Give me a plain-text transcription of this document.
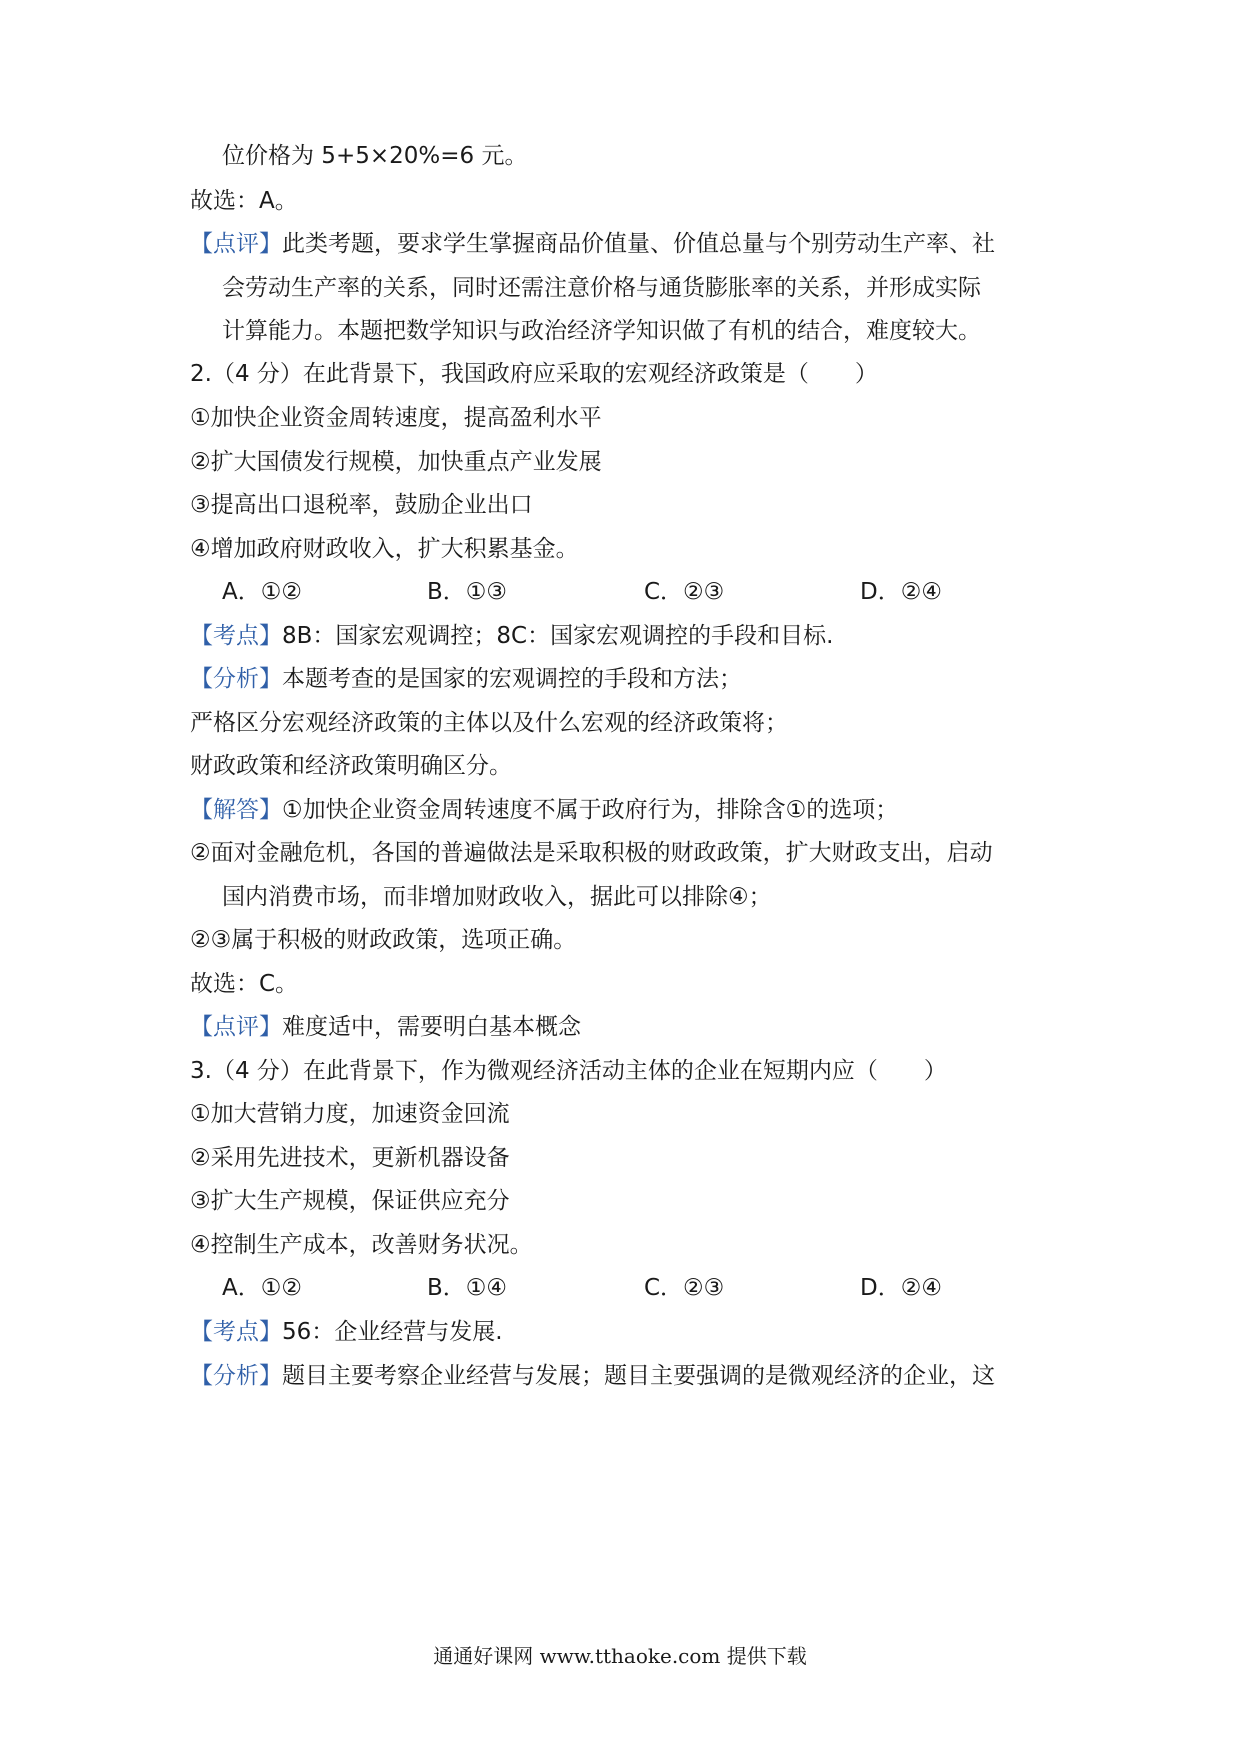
位价格为 5+5×20%=6 元。
故选：A。
【点评】此类考题，要求学生掌握商品价值量、价值总量与个别劳动生产率、社
会劳动生产率的关系，同时还需注意价格与通货膨胀率的关系，并形成实际
计算能力。本题把数学知识与政治经济学知识做了有机的结合，难度较大。
2.（4 分）在此背景下，我国政府应采取的宏观经济政策是（　　）
①加快企业资金周转速度，提高盈利水平
②扩大国债发行规模，加快重点产业发展
③提高出口退税率，鼓励企业出口
④增加政府财政收入，扩大积累基金。
A．①②	B．①③	C．②③	D．②④
【考点】8B：国家宏观调控；8C：国家宏观调控的手段和目标.
【分析】本题考查的是国家的宏观调控的手段和方法；
严格区分宏观经济政策的主体以及什么宏观的经济政策将；
财政政策和经济政策明确区分。
【解答】①加快企业资金周转速度不属于政府行为，排除含①的选项；
②面对金融危机，各国的普遍做法是采取积极的财政政策，扩大财政支出，启动
国内消费市场，而非增加财政收入，据此可以排除④；
②③属于积极的财政政策，选项正确。
故选：C。
【点评】难度适中，需要明白基本概念
3.（4 分）在此背景下，作为微观经济活动主体的企业在短期内应（　　）
①加大营销力度，加速资金回流
②采用先进技术，更新机器设备
③扩大生产规模，保证供应充分
④控制生产成本，改善财务状况。
A．①②	B．①④	C．②③	D．②④
【考点】56：企业经营与发展.
【分析】题目主要考察企业经营与发展；题目主要强调的是微观经济的企业，这
通通好课网 www.tthaoke.com 提供下载
